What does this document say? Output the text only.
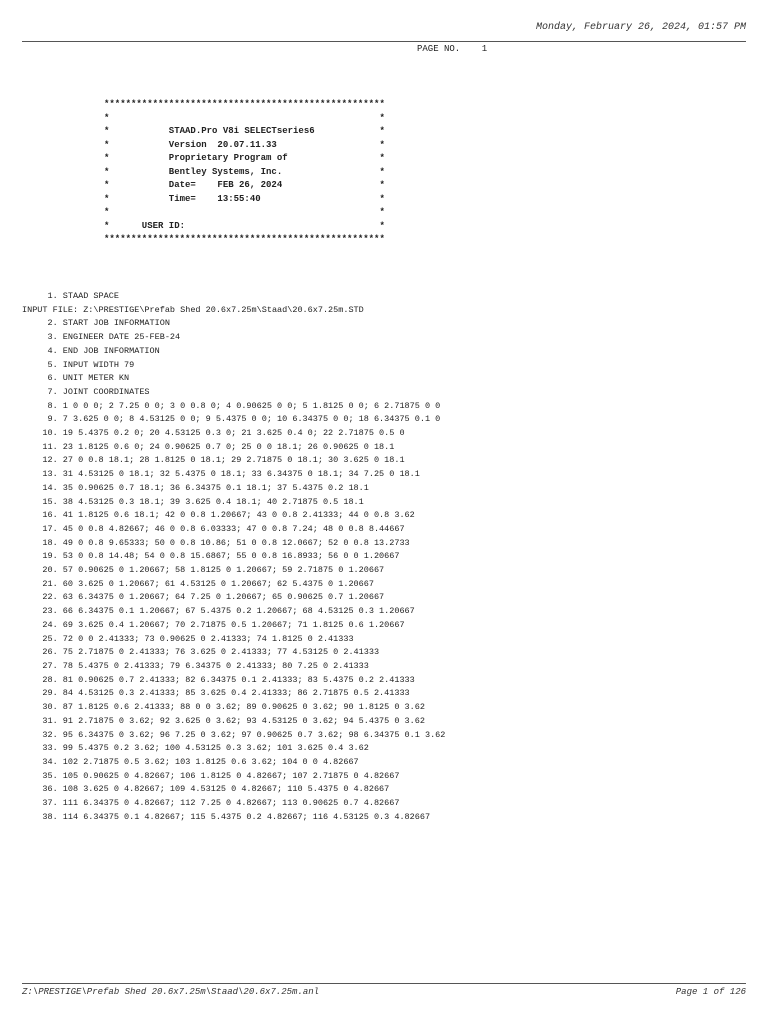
Monday, February 26, 2024, 01:57 PM
PAGE NO.    1
****************************************************
*                                                  *
*           STAAD.Pro V8i SELECTseries6            *
*           Version  20.07.11.33                   *
*           Proprietary Program of                 *
*           Bentley Systems, Inc.                  *
*           Date=    FEB 26, 2024                  *
*           Time=    13:55:40                      *
*                                                  *
*      USER ID:                                    *
****************************************************
1. STAAD SPACE
INPUT FILE: Z:\PRESTIGE\Prefab Shed 20.6x7.25m\Staad\20.6x7.25m.STD
2. START JOB INFORMATION
3. ENGINEER DATE 25-FEB-24
4. END JOB INFORMATION
5. INPUT WIDTH 79
6. UNIT METER KN
7. JOINT COORDINATES
8. 1 0 0 0; 2 7.25 0 0; 3 0 0.8 0; 4 0.90625 0 0; 5 1.8125 0 0; 6 2.71875 0 0
9. 7 3.625 0 0; 8 4.53125 0 0; 9 5.4375 0 0; 10 6.34375 0 0; 18 6.34375 0.1 0
10. 19 5.4375 0.2 0; 20 4.53125 0.3 0; 21 3.625 0.4 0; 22 2.71875 0.5 0
11. 23 1.8125 0.6 0; 24 0.90625 0.7 0; 25 0 0 18.1; 26 0.90625 0 18.1
12. 27 0 0.8 18.1; 28 1.8125 0 18.1; 29 2.71875 0 18.1; 30 3.625 0 18.1
13. 31 4.53125 0 18.1; 32 5.4375 0 18.1; 33 6.34375 0 18.1; 34 7.25 0 18.1
14. 35 0.90625 0.7 18.1; 36 6.34375 0.1 18.1; 37 5.4375 0.2 18.1
15. 38 4.53125 0.3 18.1; 39 3.625 0.4 18.1; 40 2.71875 0.5 18.1
16. 41 1.8125 0.6 18.1; 42 0 0.8 1.20667; 43 0 0.8 2.41333; 44 0 0.8 3.62
17. 45 0 0.8 4.82667; 46 0 0.8 6.03333; 47 0 0.8 7.24; 48 0 0.8 8.44667
18. 49 0 0.8 9.65333; 50 0 0.8 10.86; 51 0 0.8 12.0667; 52 0 0.8 13.2733
19. 53 0 0.8 14.48; 54 0 0.8 15.6867; 55 0 0.8 16.8933; 56 0 0 1.20667
20. 57 0.90625 0 1.20667; 58 1.8125 0 1.20667; 59 2.71875 0 1.20667
21. 60 3.625 0 1.20667; 61 4.53125 0 1.20667; 62 5.4375 0 1.20667
22. 63 6.34375 0 1.20667; 64 7.25 0 1.20667; 65 0.90625 0.7 1.20667
23. 66 6.34375 0.1 1.20667; 67 5.4375 0.2 1.20667; 68 4.53125 0.3 1.20667
24. 69 3.625 0.4 1.20667; 70 2.71875 0.5 1.20667; 71 1.8125 0.6 1.20667
25. 72 0 0 2.41333; 73 0.90625 0 2.41333; 74 1.8125 0 2.41333
26. 75 2.71875 0 2.41333; 76 3.625 0 2.41333; 77 4.53125 0 2.41333
27. 78 5.4375 0 2.41333; 79 6.34375 0 2.41333; 80 7.25 0 2.41333
28. 81 0.90625 0.7 2.41333; 82 6.34375 0.1 2.41333; 83 5.4375 0.2 2.41333
29. 84 4.53125 0.3 2.41333; 85 3.625 0.4 2.41333; 86 2.71875 0.5 2.41333
30. 87 1.8125 0.6 2.41333; 88 0 0 3.62; 89 0.90625 0 3.62; 90 1.8125 0 3.62
31. 91 2.71875 0 3.62; 92 3.625 0 3.62; 93 4.53125 0 3.62; 94 5.4375 0 3.62
32. 95 6.34375 0 3.62; 96 7.25 0 3.62; 97 0.90625 0.7 3.62; 98 6.34375 0.1 3.62
33. 99 5.4375 0.2 3.62; 100 4.53125 0.3 3.62; 101 3.625 0.4 3.62
34. 102 2.71875 0.5 3.62; 103 1.8125 0.6 3.62; 104 0 0 4.82667
35. 105 0.90625 0 4.82667; 106 1.8125 0 4.82667; 107 2.71875 0 4.82667
36. 108 3.625 0 4.82667; 109 4.53125 0 4.82667; 110 5.4375 0 4.82667
37. 111 6.34375 0 4.82667; 112 7.25 0 4.82667; 113 0.90625 0.7 4.82667
38. 114 6.34375 0.1 4.82667; 115 5.4375 0.2 4.82667; 116 4.53125 0.3 4.82667
Z:\PRESTIGE\Prefab Shed 20.6x7.25m\Staad\20.6x7.25m.anl	Page 1 of 126
